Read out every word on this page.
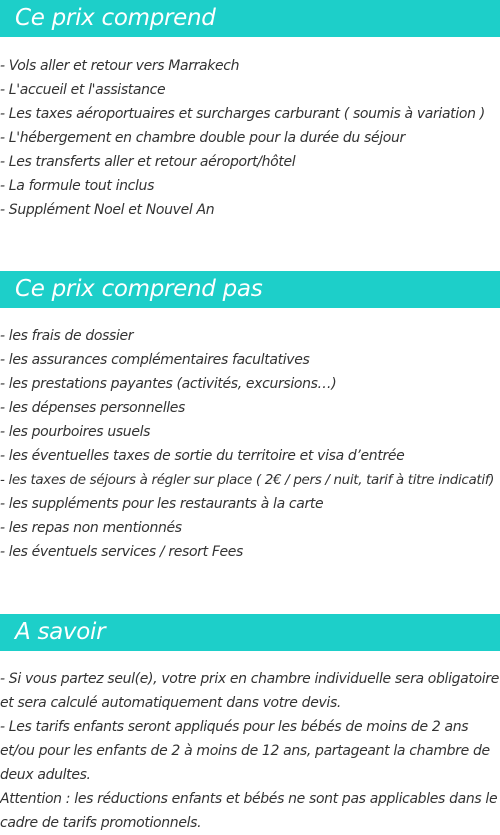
Ce prix comprend
- Vols aller et retour vers Marrakech
- L'accueil et l'assistance
- Les taxes aéroportuaires et surcharges carburant ( soumis à variation )
- L'hébergement en chambre double pour la durée du séjour
- Les transferts aller et retour aéroport/hôtel
- La formule tout inclus
- Supplément Noel et Nouvel An
Ce prix comprend pas
- les frais de dossier
- les assurances complémentaires facultatives
- les prestations payantes (activités, excursions…)
- les dépenses personnelles
- les pourboires usuels
- les éventuelles taxes de sortie du territoire et visa d’entrée
- les taxes de séjours à régler sur place ( 2€ / pers / nuit, tarif à titre indicatif)
- les suppléments pour les restaurants à la carte
- les repas non mentionnés
- les éventuels services / resort Fees
A savoir

- Si vous partez seul(e), votre prix en chambre individuelle sera obligatoire et sera calculé automatiquement dans votre devis.

- Les tarifs enfants seront appliqués pour les bébés de moins de 2 ans et/ou pour les enfants de 2 à moins de 12 ans, partageant la chambre de deux adultes.

Attention : les réductions enfants et bébés ne sont pas applicables dans le cadre de tarifs promotionnels.
